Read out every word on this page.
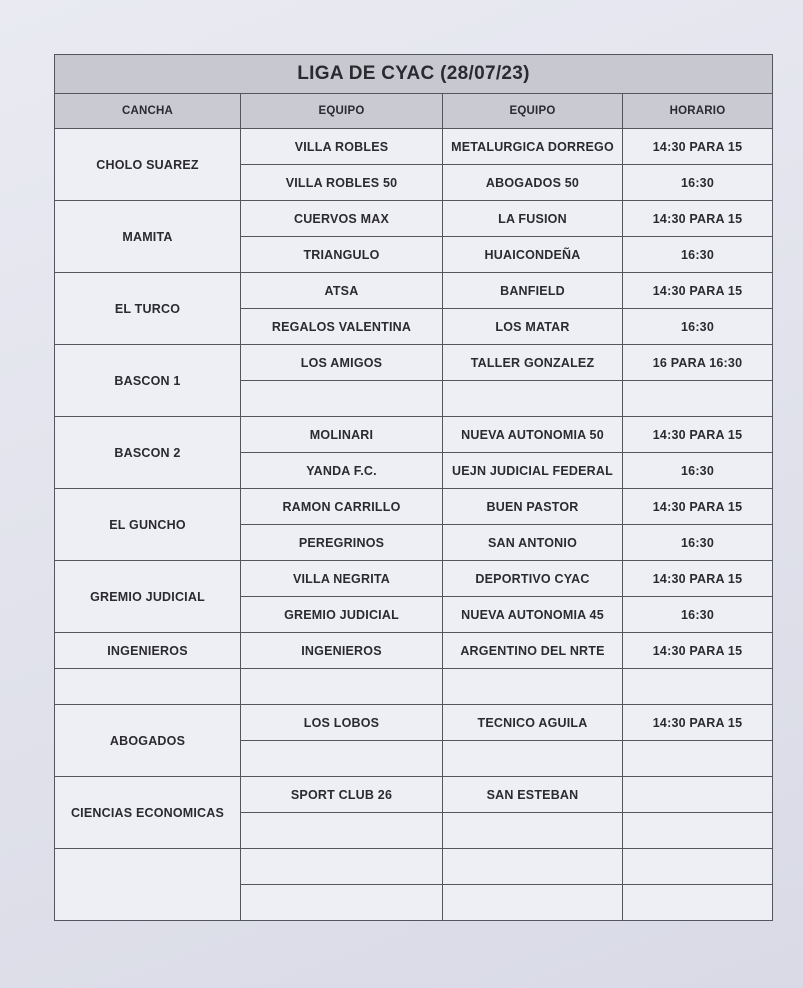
LIGA DE CYAC (28/07/23)			
CANCHA	EQUIPO	EQUIPO	HORARIO
CHOLO SUAREZ	VILLA ROBLES	METALURGICA DORREGO	14:30 PARA 15
	VILLA ROBLES 50	ABOGADOS 50	16:30
MAMITA	CUERVOS MAX	LA FUSION	14:30 PARA 15
	TRIANGULO	HUAICONDEÑA	16:30
EL TURCO	ATSA	BANFIELD	14:30 PARA 15
	REGALOS VALENTINA	LOS MATAR	16:30
BASCON 1	LOS AMIGOS	TALLER GONZALEZ	16 PARA 16:30

BASCON 2	MOLINARI	NUEVA AUTONOMIA 50	14:30 PARA 15
	YANDA F.C.	UEJN JUDICIAL FEDERAL	16:30
EL GUNCHO	RAMON CARRILLO	BUEN PASTOR	14:30 PARA 15
	PEREGRINOS	SAN ANTONIO	16:30
GREMIO JUDICIAL	VILLA NEGRITA	DEPORTIVO CYAC	14:30 PARA 15
	GREMIO JUDICIAL	NUEVA AUTONOMIA 45	16:30
INGENIEROS	INGENIEROS	ARGENTINO DEL NRTE	14:30 PARA 15

ABOGADOS	LOS LOBOS	TECNICO AGUILA	14:30 PARA 15

CIENCIAS ECONOMICAS	SPORT CLUB 26	SAN ESTEBAN	
